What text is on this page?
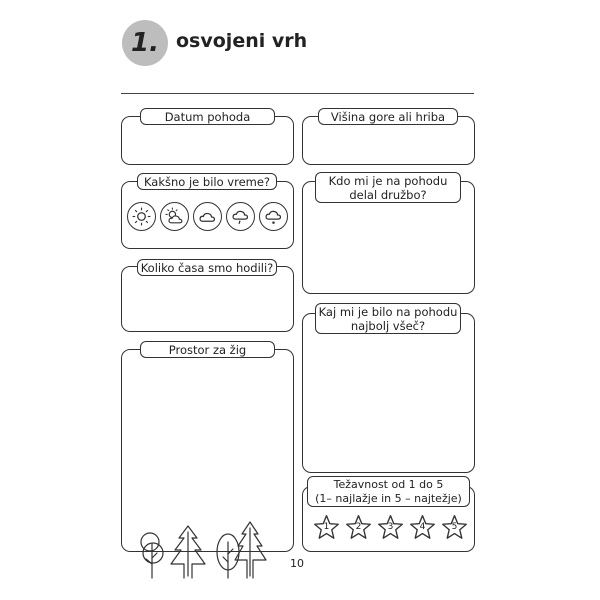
1. osvojeni vrh
Datum pohoda	Višina gore ali hriba
Kakšno je bilo vreme?	Kdo mi je na pohodu
delal družbo?
Koliko časa smo hodili?
Kaj mi je bilo na pohodu
najbolj všeč?
Prostor za žig
Težavnost od 1 do 5
(1– najlažje in 5 – najtežje)
1	2	3	4	5
10
